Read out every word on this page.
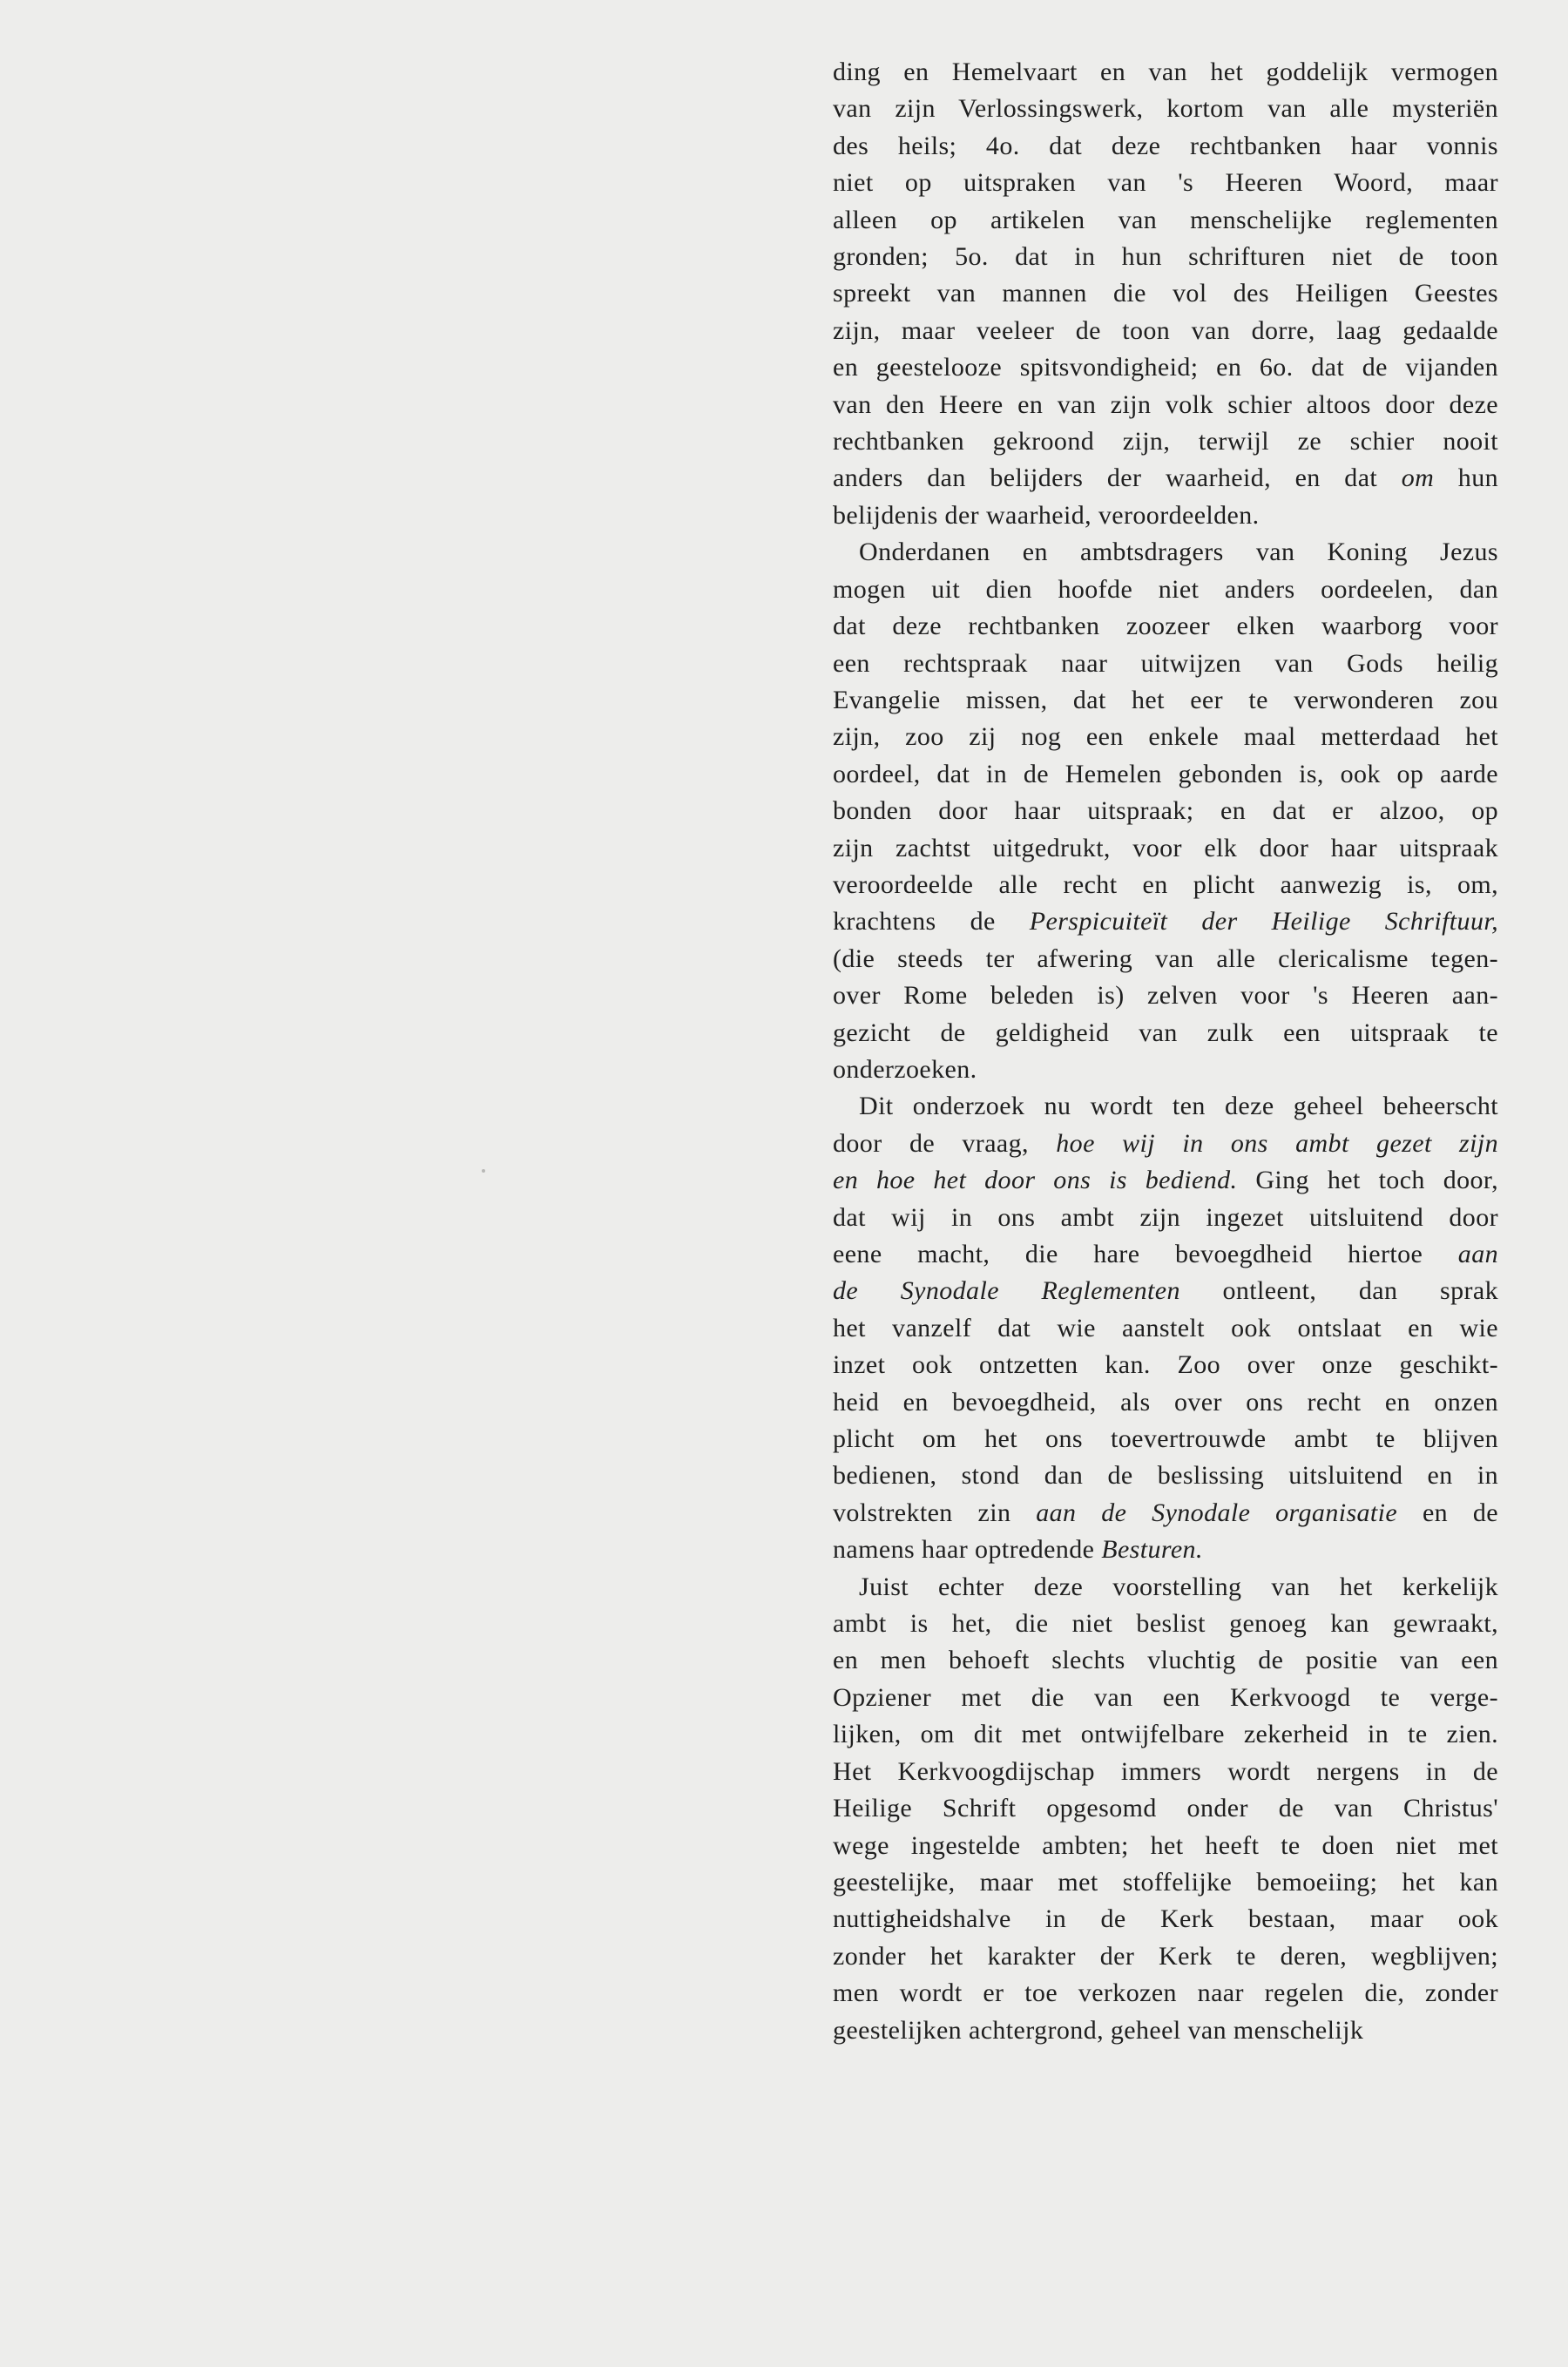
ding en Hemelvaart en van het goddelijk vermogen
van zijn Verlossingswerk, kortom van alle mysteriën
des heils; 4o. dat deze rechtbanken haar vonnis
niet op uitspraken van 's Heeren Woord, maar
alleen op artikelen van menschelijke reglementen
gronden; 5o. dat in hun schrifturen niet de toon
spreekt van mannen die vol des Heiligen Geestes
zijn, maar veeleer de toon van dorre, laag gedaalde
en geestelooze spitsvondigheid; en 6o. dat de vijanden
van den Heere en van zijn volk schier altoos door deze
rechtbanken gekroond zijn, terwijl ze schier nooit
anders dan belijders der waarheid, en dat om hun
belijdenis der waarheid, veroordeelden.
Onderdanen en ambtsdragers van Koning Jezus
mogen uit dien hoofde niet anders oordeelen, dan
dat deze rechtbanken zoozeer elken waarborg voor
een rechtspraak naar uitwijzen van Gods heilig
Evangelie missen, dat het eer te verwonderen zou
zijn, zoo zij nog een enkele maal metterdaad het
oordeel, dat in de Hemelen gebonden is, ook op aarde
bonden door haar uitspraak; en dat er alzoo, op
zijn zachtst uitgedrukt, voor elk door haar uitspraak
veroordeelde alle recht en plicht aanwezig is, om,
krachtens de Perspicuiteït der Heilige Schriftuur,
(die steeds ter afwering van alle clericalisme tegen-
over Rome beleden is) zelven voor 's Heeren aan-
gezicht de geldigheid van zulk een uitspraak te
onderzoeken.
Dit onderzoek nu wordt ten deze geheel beheerscht
door de vraag, hoe wij in ons ambt gezet zijn
en hoe het door ons is bediend. Ging het toch door,
dat wij in ons ambt zijn ingezet uitsluitend door
eene macht, die hare bevoegdheid hiertoe aan
de Synodale Reglementen ontleent, dan sprak
het vanzelf dat wie aanstelt ook ontslaat en wie
inzet ook ontzetten kan. Zoo over onze geschikt-
heid en bevoegdheid, als over ons recht en onzen
plicht om het ons toevertrouwde ambt te blijven
bedienen, stond dan de beslissing uitsluitend en in
volstrekten zin aan de Synodale organisatie en de
namens haar optredende Besturen.
Juist echter deze voorstelling van het kerkelijk
ambt is het, die niet beslist genoeg kan gewraakt,
en men behoeft slechts vluchtig de positie van een
Opziener met die van een Kerkvoogd te verge-
lijken, om dit met ontwijfelbare zekerheid in te zien.
Het Kerkvoogdijschap immers wordt nergens in de
Heilige Schrift opgesomd onder de van Christus'
wege ingestelde ambten; het heeft te doen niet met
geestelijke, maar met stoffelijke bemoeiing; het kan
nuttigheidshalve in de Kerk bestaan, maar ook
zonder het karakter der Kerk te deren, wegblijven;
men wordt er toe verkozen naar regelen die, zonder
geestelijken achtergrond, geheel van menschelijk
